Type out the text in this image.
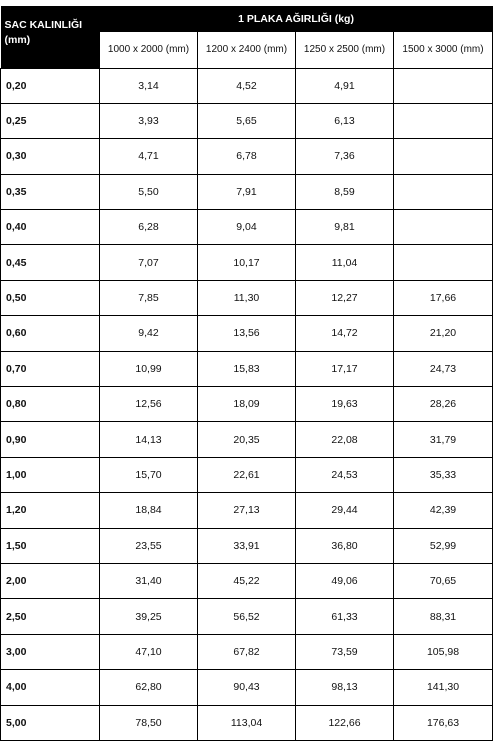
SAC KALINLIĞI
(mm)	1 PLAKA AĞIRLIĞI (kg)			
	1000 x 2000 (mm)	1200 x 2400 (mm)	1250 x 2500 (mm)	1500 x 3000 (mm)
0,20	3,14	4,52	4,91	
0,25	3,93	5,65	6,13	
0,30	4,71	6,78	7,36	
0,35	5,50	7,91	8,59	
0,40	6,28	9,04	9,81	
0,45	7,07	10,17	11,04	
0,50	7,85	11,30	12,27	17,66
0,60	9,42	13,56	14,72	21,20
0,70	10,99	15,83	17,17	24,73
0,80	12,56	18,09	19,63	28,26
0,90	14,13	20,35	22,08	31,79
1,00	15,70	22,61	24,53	35,33
1,20	18,84	27,13	29,44	42,39
1,50	23,55	33,91	36,80	52,99
2,00	31,40	45,22	49,06	70,65
2,50	39,25	56,52	61,33	88,31
3,00	47,10	67,82	73,59	105,98
4,00	62,80	90,43	98,13	141,30
5,00	78,50	113,04	122,66	176,63
